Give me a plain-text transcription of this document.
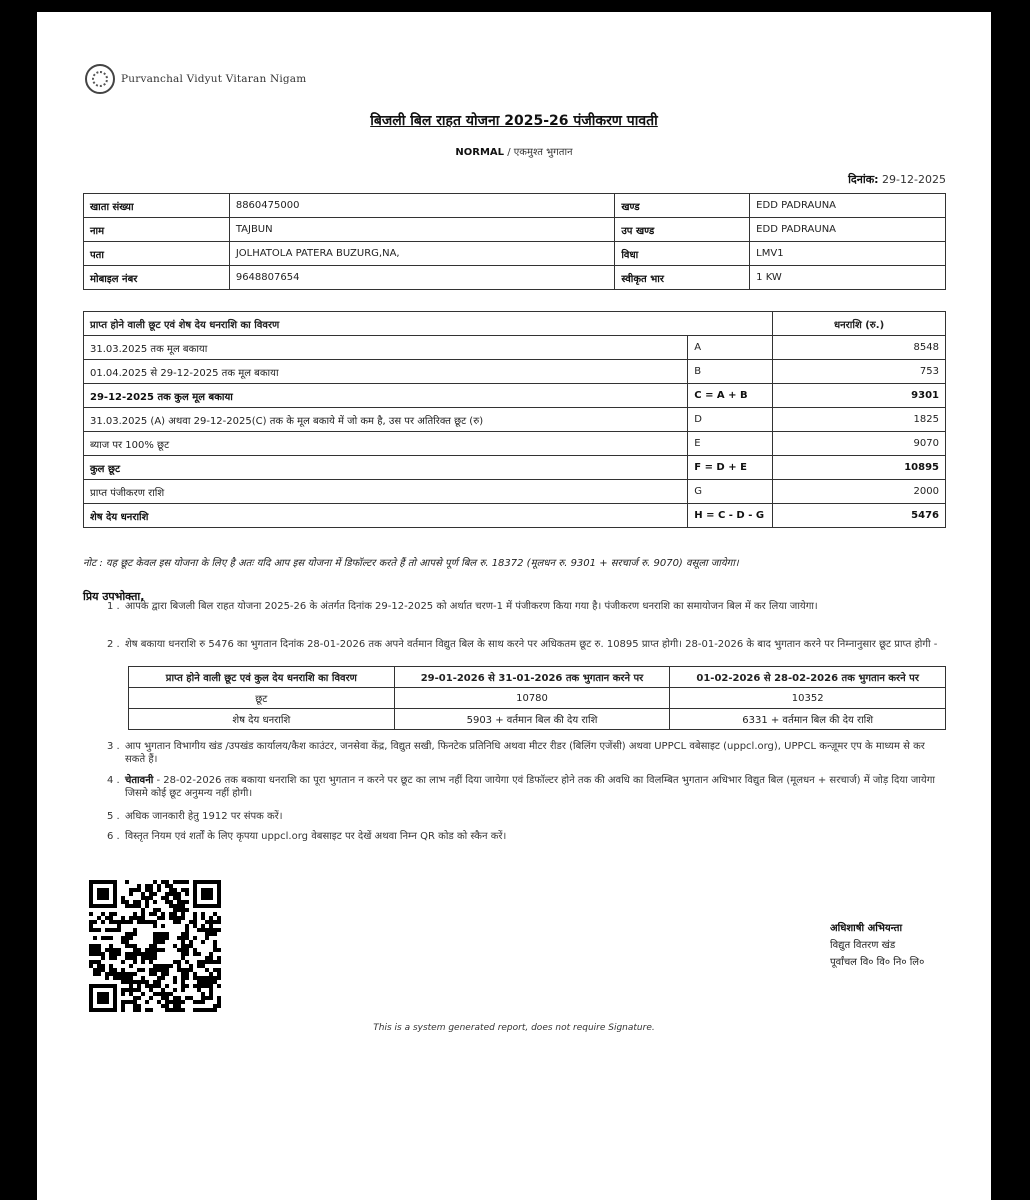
Purvanchal Vidyut Vitaran Nigam
बिजली बिल राहत योजना 2025-26 पंजीकरण पावती
NORMAL / एकमुश्त भुगतान
दिनांक: 29-12-2025
खाता संख्या	8860475000	खण्ड	EDD PADRAUNA
नाम	TAJBUN	उप खण्ड	EDD PADRAUNA
पता	JOLHATOLA PATERA BUZURG,NA,	विधा	LMV1
मोबाइल नंबर	9648807654	स्वीकृत भार	1 KW
प्राप्त होने वाली छूट एवं शेष देय धनराशि का विवरण		धनराशि (रु.)
31.03.2025 तक मूल बकाया	A	8548
01.04.2025 से 29-12-2025 तक मूल बकाया	B	753
29-12-2025 तक कुल मूल बकाया	C = A + B	9301
31.03.2025 (A) अथवा 29-12-2025(C) तक के मूल बकाये में जो कम है, उस पर अतिरिक्त छूट (रु)	D	1825
ब्याज पर 100% छूट	E	9070
कुल छूट	F = D + E	10895
प्राप्त पंजीकरण राशि	G	2000
शेष देय धनराशि	H = C - D - G	5476
नोट : यह छूट केवल इस योजना के लिए है अतः यदि आप इस योजना में डिफॉल्टर करते हैं तो आपसे पूर्ण बिल रु. 18372 (मूलधन रु. 9301 + सरचार्ज रु. 9070) वसूला जायेगा।
प्रिय उपभोक्ता,
1 . आपके द्वारा बिजली बिल राहत योजना 2025-26 के अंतर्गत दिनांक 29-12-2025 को अर्थात चरण-1 में पंजीकरण किया गया है। पंजीकरण धनराशि का समायोजन बिल में कर लिया जायेगा।
2 . शेष बकाया धनराशि रु 5476 का भुगतान दिनांक 28-01-2026 तक अपने वर्तमान विद्युत बिल के साथ करने पर अधिकतम छूट रु. 10895 प्राप्त होगी। 28-01-2026 के बाद भुगतान करने पर निम्नानुसार छूट प्राप्त होगी -
3 . आप भुगतान विभागीय खंड /उपखंड कार्यालय/कैश काउंटर, जनसेवा केंद्र, विद्युत सखी, फिनटेक प्रतिनिधि अथवा मीटर रीडर (बिलिंग एजेंसी) अथवा UPPCL वबेसाइट (uppcl.org), UPPCL कन्ज़ूमर एप के माध्यम से कर सकते हैं।
4 . चेतावनी - 28-02-2026 तक बकाया धनराशि का पूरा भुगतान न करने पर छूट का लाभ नहीं दिया जायेगा एवं डिफॉल्टर होने तक की अवधि का विलम्बित भुगतान अधिभार विद्युत बिल (मूलधन + सरचार्ज) में जोड़ दिया जायेगा जिसमे कोई छूट अनुमन्य नहीं होगी।
5 . अधिक जानकारी हेतु 1912 पर संपक करें।
6 . विस्तृत नियम एवं शर्तों के लिए कृपया uppcl.org वेबसाइट पर देखें अथवा निम्न QR कोड को स्कैन करें।
प्राप्त होने वाली छूट एवं कुल देय धनराशि का विवरण	29-01-2026 से 31-01-2026 तक भुगतान करने पर	01-02-2026 से 28-02-2026 तक भुगतान करने पर
छूट	10780	10352
शेष देय धनराशि	5903 + वर्तमान बिल की देय राशि	6331 + वर्तमान बिल की देय राशि
अधिशाषी अभियन्ता
विद्युत वितरण खंड
पूर्वांचल वि० वि० नि० लि०
This is a system generated report, does not require Signature.
